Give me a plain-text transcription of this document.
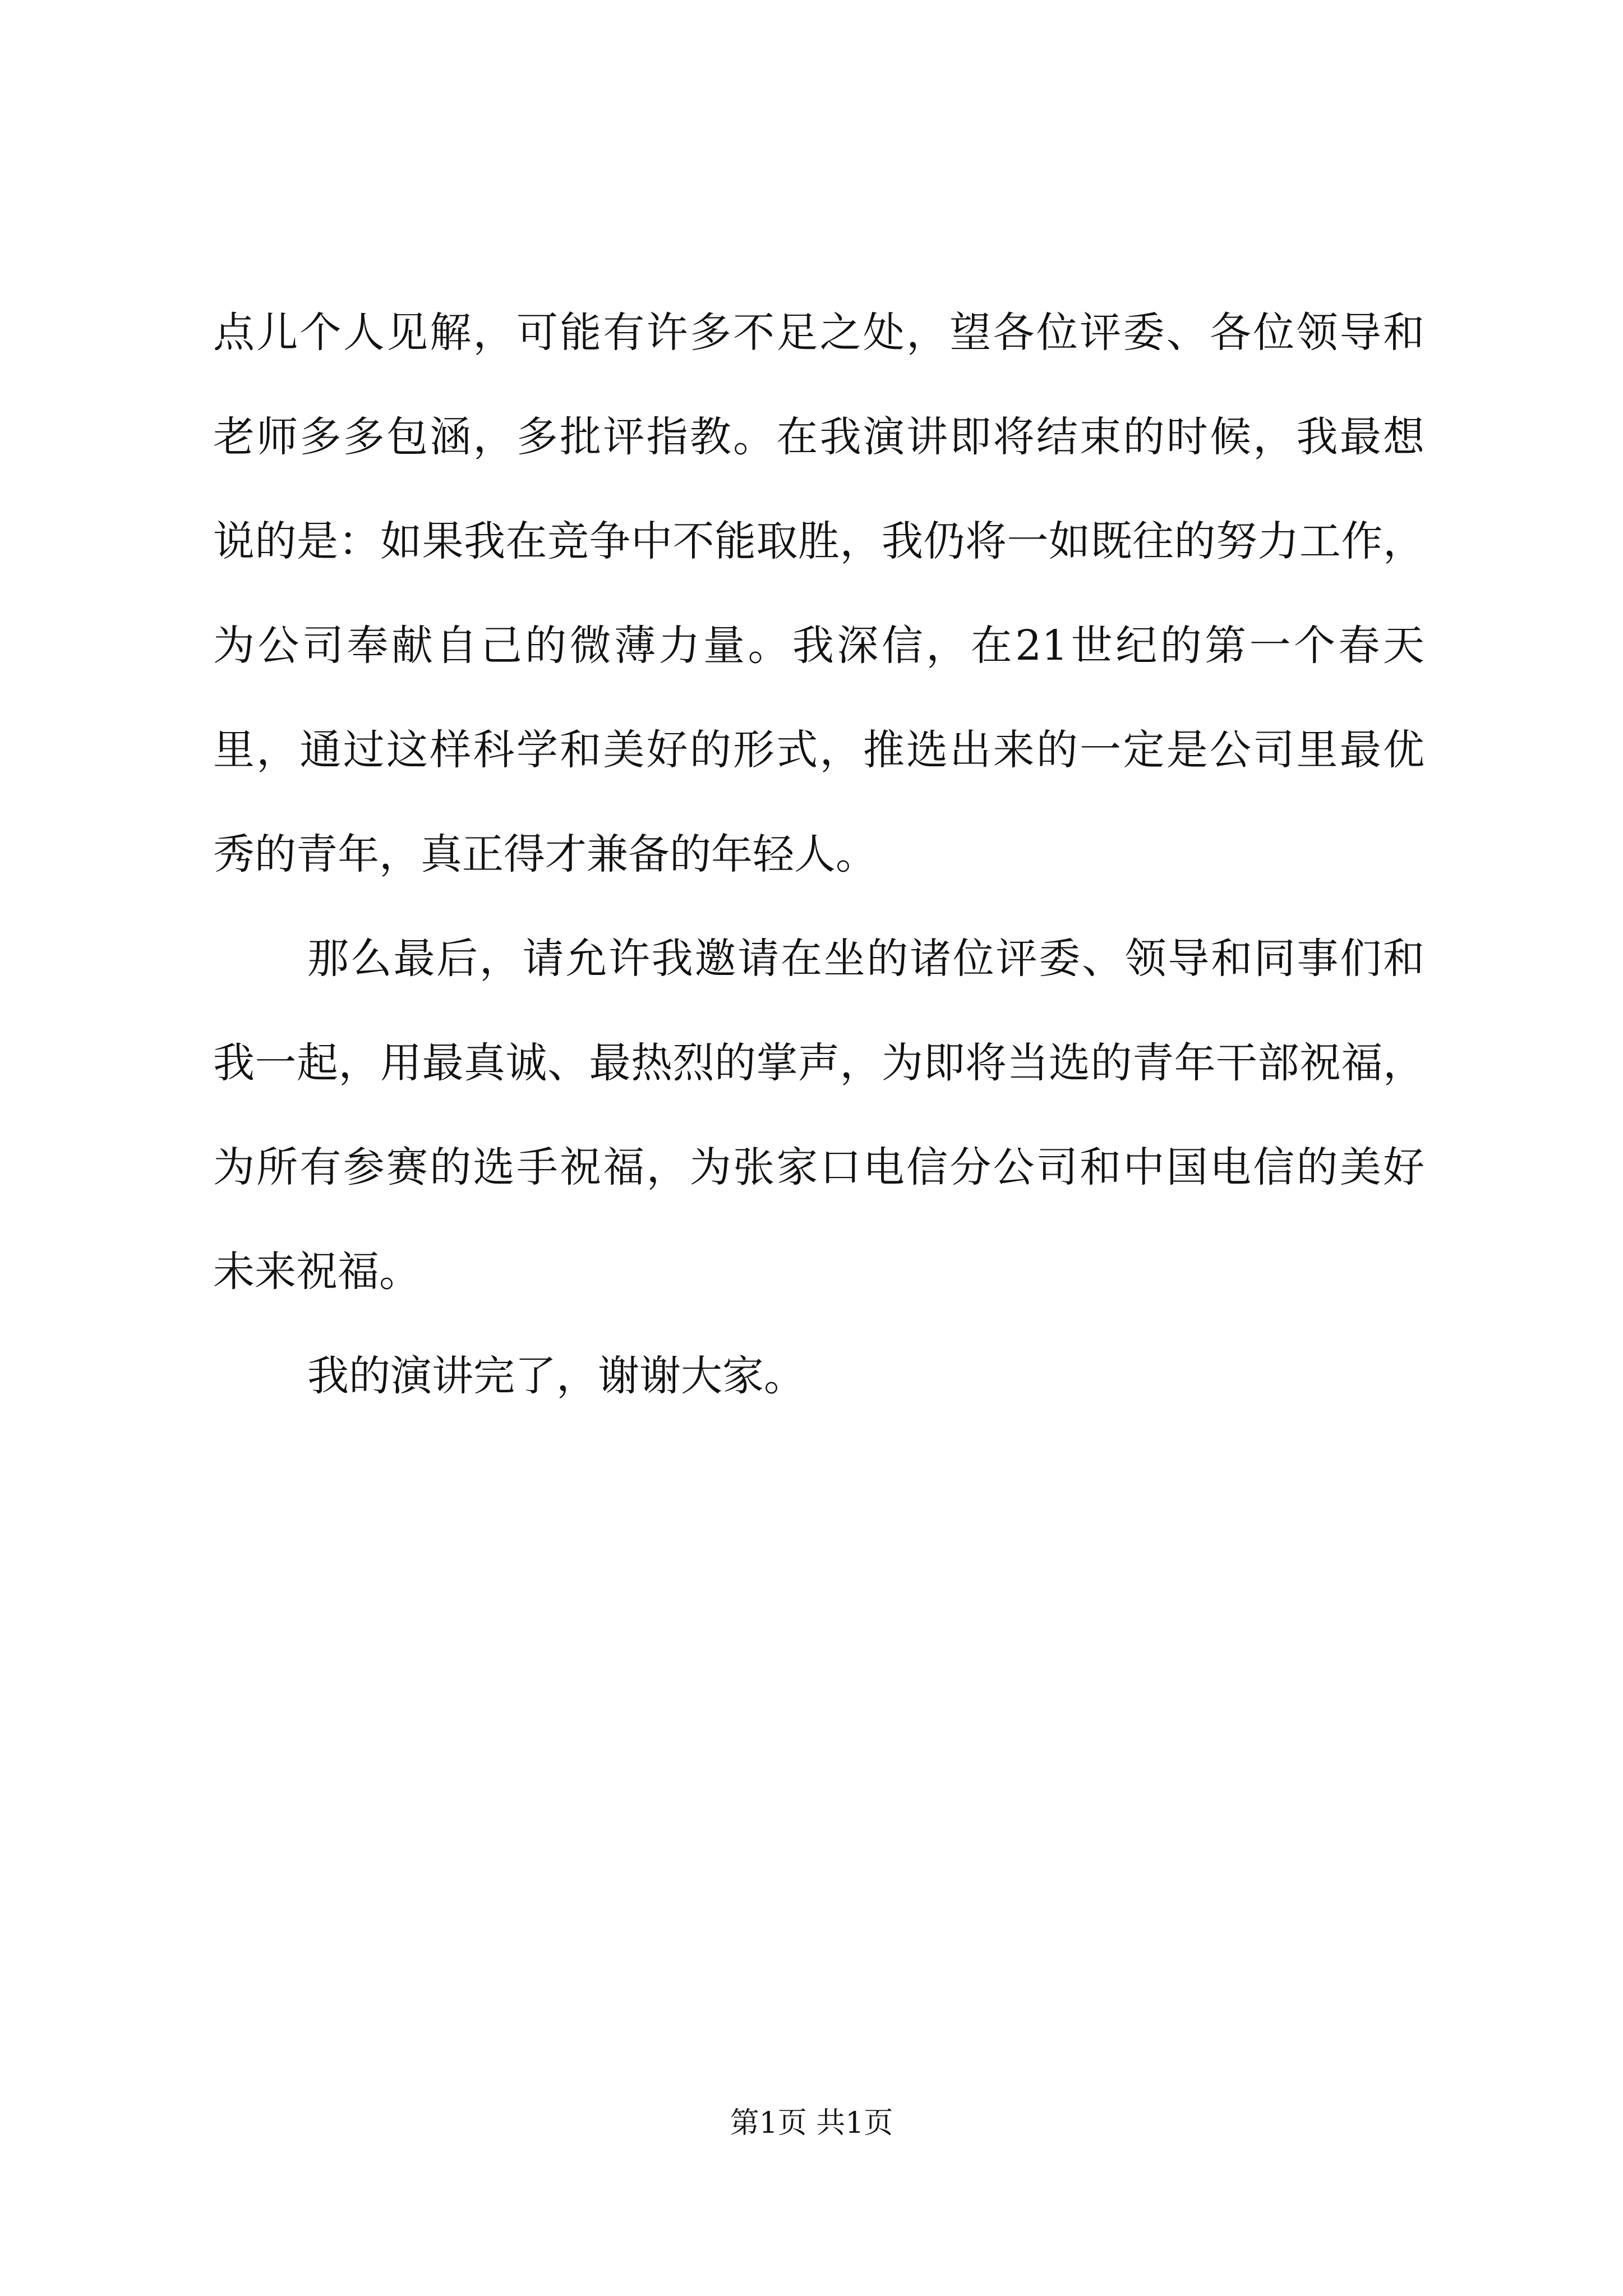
点儿个人见解，可能有许多不足之处，望各位评委、各位领导和
老师多多包涵，多批评指教。在我演讲即将结束的时候，我最想
说的是：如果我在竞争中不能取胜，我仍将一如既往的努力工作，
为公司奉献自己的微薄力量。我深信，在21世纪的第一个春天
里，通过这样科学和美好的形式，推选出来的一定是公司里最优
秀的青年，真正得才兼备的年轻人。
那么最后，请允许我邀请在坐的诸位评委、领导和同事们和
我一起，用最真诚、最热烈的掌声，为即将当选的青年干部祝福，
为所有参赛的选手祝福，为张家口电信分公司和中国电信的美好
未来祝福。
我的演讲完了，谢谢大家。
第1页 共1页
